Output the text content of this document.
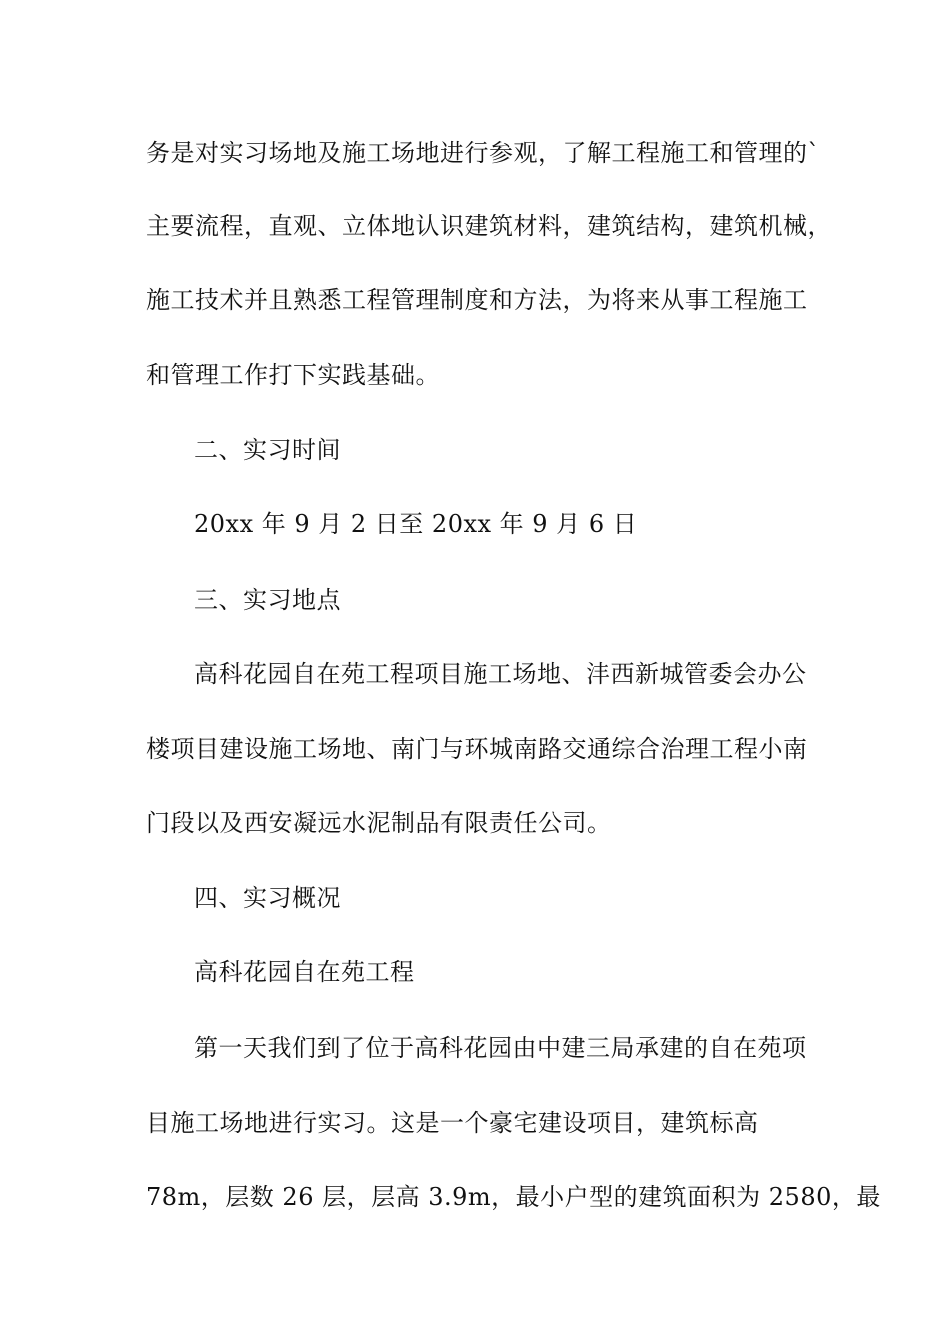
务是对实习场地及施工场地进行参观，了解工程施工和管理的`
主要流程，直观、立体地认识建筑材料，建筑结构，建筑机械，
施工技术并且熟悉工程管理制度和方法，为将来从事工程施工
和管理工作打下实践基础。
二、实习时间
20xx 年 9 月 2 日至 20xx 年 9 月 6 日
三、实习地点
高科花园自在苑工程项目施工场地、沣西新城管委会办公
楼项目建设施工场地、南门与环城南路交通综合治理工程小南
门段以及西安凝远水泥制品有限责任公司。
四、实习概况
高科花园自在苑工程
第一天我们到了位于高科花园由中建三局承建的自在苑项
目施工场地进行实习。这是一个豪宅建设项目，建筑标高
78m，层数 26 层，层高 3.9m，最小户型的建筑面积为 2580，最
